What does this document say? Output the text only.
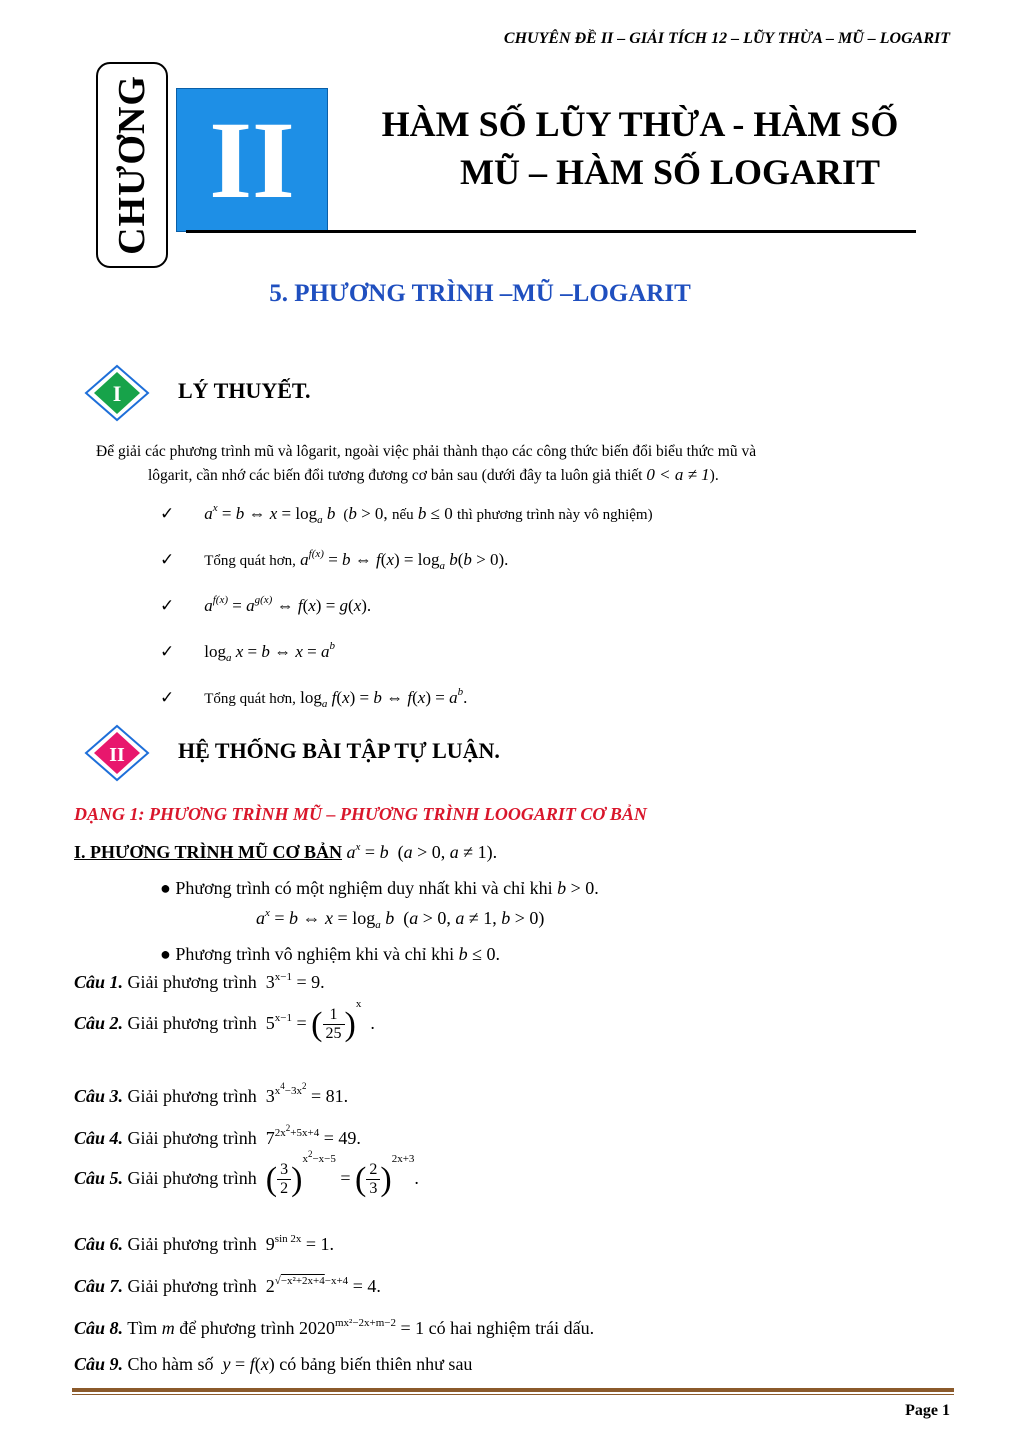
CHUYÊN ĐỀ II – GIẢI TÍCH 12 – LŨY THỪA – MŨ – LOGARIT
CHƯƠNG II	HÀM SỐ LŨY THỪA - HÀM SỐ
MŨ – HÀM SỐ LOGARIT
5. PHƯƠNG TRÌNH –MŨ –LOGARIT
I	LÝ THUYẾT.
Để giải các phương trình mũ và lôgarit, ngoài việc phải thành thạo các công thức biến đổi biểu thức mũ và
lôgarit, cần nhớ các biến đổi tương đương cơ bản sau (dưới đây ta luôn giả thiết 0 < a ≠ 1).
✓ $a^x = b$ ⇔ $x = \log_a b$  (b > 0, nếu b ≤ 0 thì phương trình này vô nghiệm)
✓ Tổng quát hơn, $a^{f(x)} = b$ ⇔ $f(x) = \log_a b(b > 0)$.
✓ $a^{f(x)} = a^{g(x)}$ ⇔ f(x) = g(x).
✓ $\log_a x = b$ ⇔ $x = a^b$
✓ Tổng quát hơn, $\log_a f(x) = b$ ⇔ $f(x) = a^b$.
II HỆ THỐNG BÀI TẬP TỰ LUẬN.
DẠNG 1: PHƯƠNG TRÌNH MŨ – PHƯƠNG TRÌNH LOOGARIT CƠ BẢN
I. PHƯƠNG TRÌNH MŨ CƠ BẢN $a^x = b$  (a > 0, a ≠ 1).
● Phương trình có một nghiệm duy nhất khi và chỉ khi b > 0.
$a^x = b$ ⇔ $x = \log_a b$  (a > 0, a ≠ 1, b > 0)
● Phương trình vô nghiệm khi và chỉ khi b ≤ 0.
Câu 1. Giải phương trình  $3^{x-1} = 9$.
Câu 2. Giải phương trình  $5^{x-1}$ = ( $\frac{1}{25} )^x$  .
Câu 3. Giải phương trình  $3^{x^4-3x^2} = 81$.
Câu 4. Giải phương trình  $7^{2x^2+5x+4} = 49$.
Câu 5. Giải phương trình ( $\frac{3}{2} )^{x^2-x-5}$ = ( $\frac{2}{3} )^{2x+3}$.
Câu 6. Giải phương trình  $9^{sin 2x} = 1$.
Câu 7. Giải phương trình  $2^{√-x^2+2x+4-x+4} = 4$.
Câu 8. Tìm m để phương trình $2020^{mx^2-2x+m-2} = 1$ có hai nghiệm trái dấu.
Câu 9. Cho hàm số y = f(x) có bảng biến thiên như sau
Page 1
